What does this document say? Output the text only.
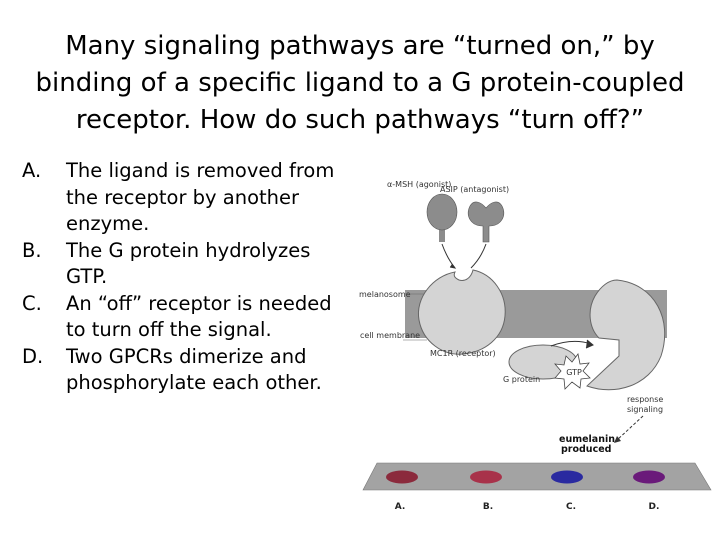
Many signaling pathways are “turned on,” by binding of a specific ligand to a G protein-coupled receptor. How do such pathways “turn off?”
A. The ligand is removed from the receptor by another enzyme.
B. The G protein hydrolyzes GTP.
C. An “off” receptor is needed to turn off the signal.
D. Two GPCRs dimerize and phosphorylate each other.
α-MSH (agonist)
ASIP (antagonist)
melanosome
cell membrane
MC1R (receptor)
G protein
GTP
response
signaling
eumelanin
produced
A.	B.	C.	D.
